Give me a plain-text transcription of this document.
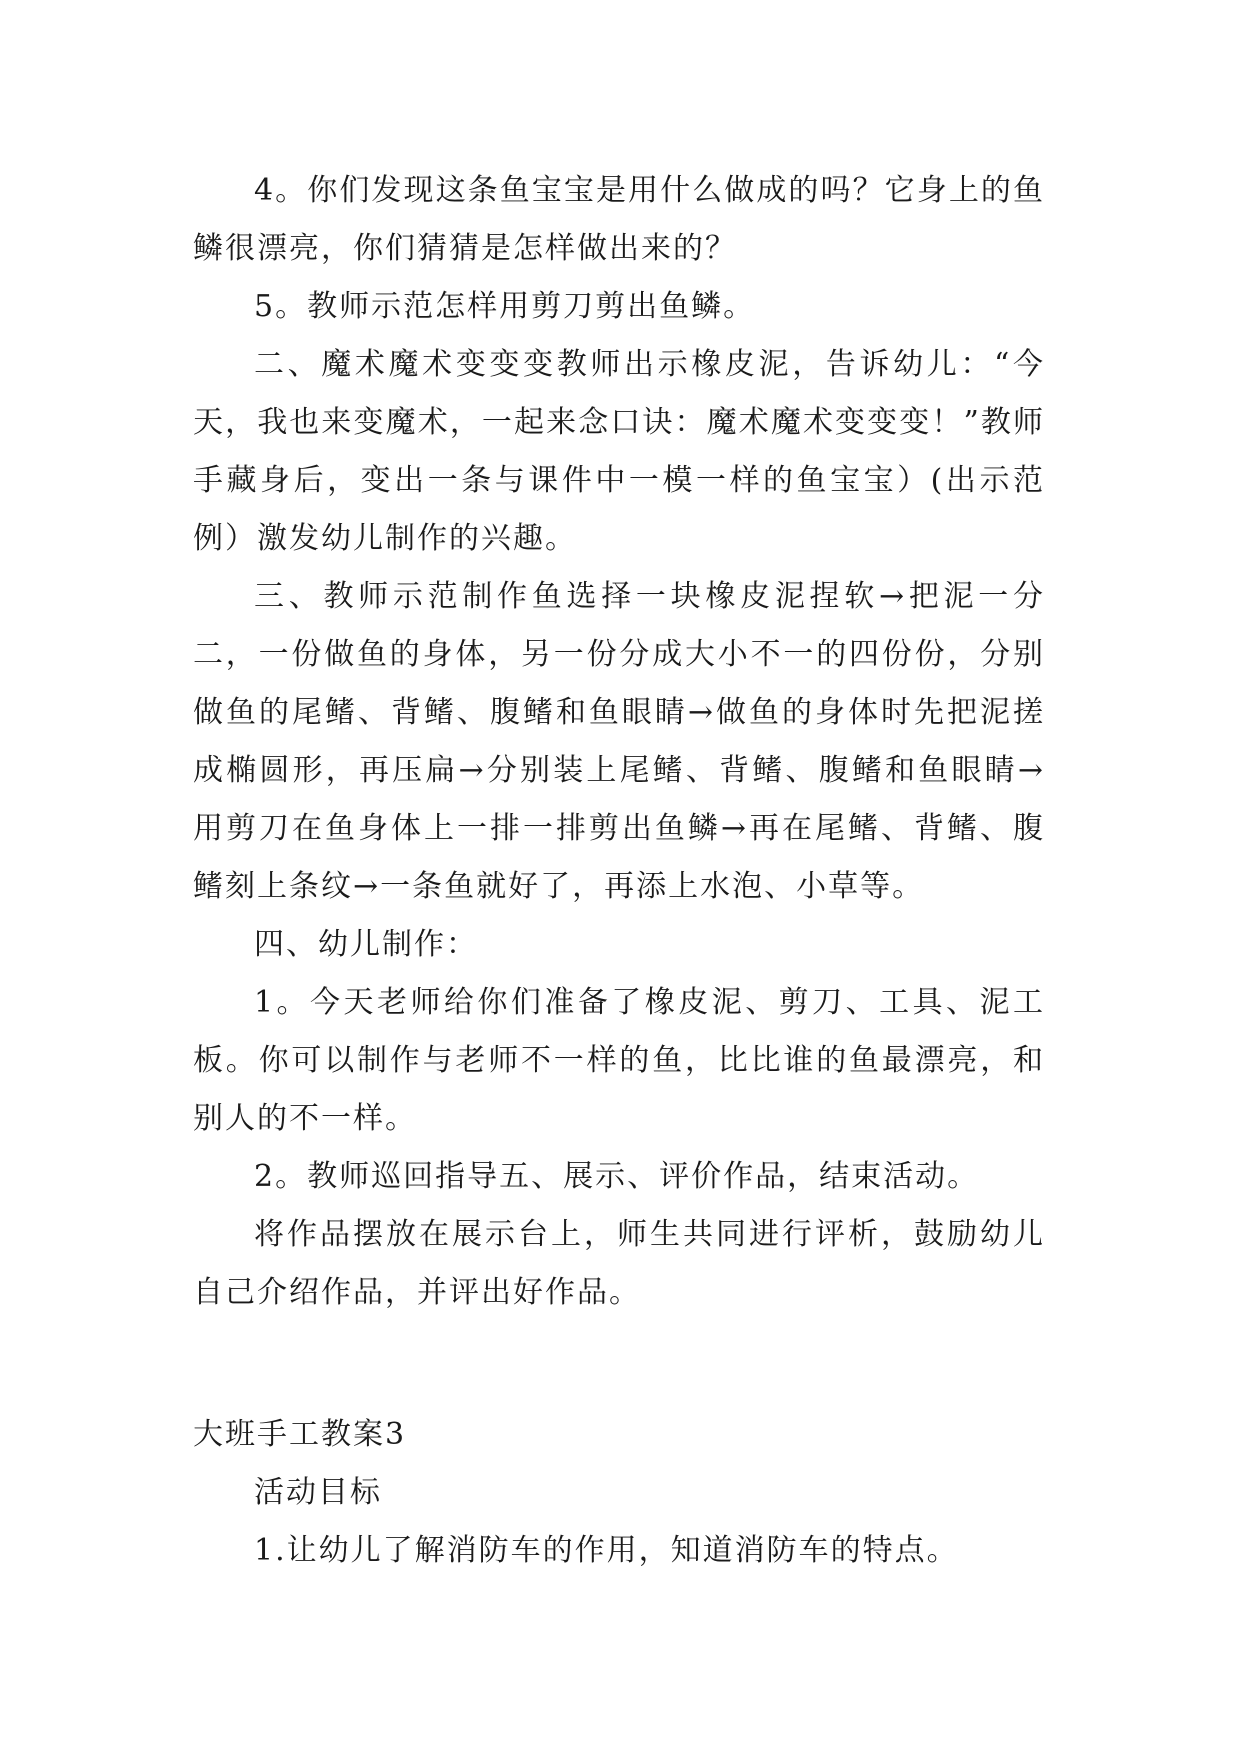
4。你们发现这条鱼宝宝是用什么做成的吗？它身上的鱼鳞很漂亮，你们猜猜是怎样做出来的？

5。教师示范怎样用剪刀剪出鱼鳞。

二、魔术魔术变变变教师出示橡皮泥，告诉幼儿：“今天，我也来变魔术，一起来念口诀：魔术魔术变变变！”教师手藏身后，变出一条与课件中一模一样的鱼宝宝）(出示范例）激发幼儿制作的兴趣。

三、教师示范制作鱼选择一块橡皮泥捏软→把泥一分二，一份做鱼的身体，另一份分成大小不一的四份份，分别做鱼的尾鳍、背鳍、腹鳍和鱼眼睛→做鱼的身体时先把泥搓成椭圆形，再压扁→分别装上尾鳍、背鳍、腹鳍和鱼眼睛→用剪刀在鱼身体上一排一排剪出鱼鳞→再在尾鳍、背鳍、腹鳍刻上条纹→一条鱼就好了，再添上水泡、小草等。

四、幼儿制作：

1。今天老师给你们准备了橡皮泥、剪刀、工具、泥工板。你可以制作与老师不一样的鱼，比比谁的鱼最漂亮，和别人的不一样。

2。教师巡回指导五、展示、评价作品，结束活动。

将作品摆放在展示台上，师生共同进行评析，鼓励幼儿自己介绍作品，并评出好作品。

大班手工教案3

活动目标

1.让幼儿了解消防车的作用，知道消防车的特点。
